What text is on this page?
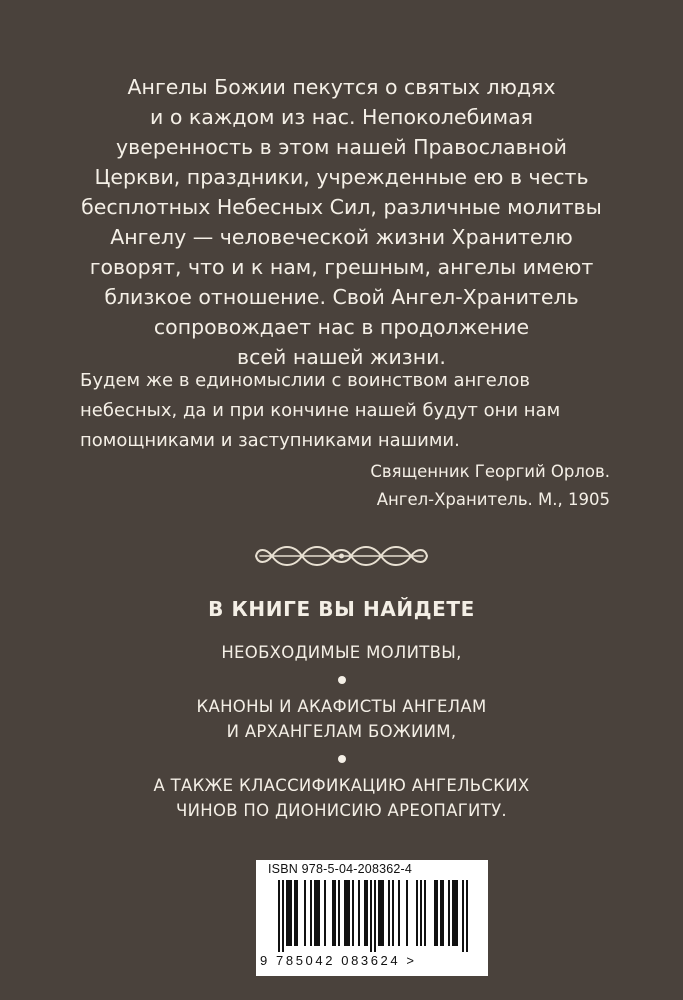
Ангелы Божии пекутся о святых людях
и о каждом из нас. Непоколебимая
уверенность в этом нашей Православной
Церкви, праздники, учрежденные ею в честь
бесплотных Небесных Сил, различные молитвы
Ангелу — человеческой жизни Хранителю
говорят, что и к нам, грешным, ангелы имеют
близкое отношение. Свой Ангел-Хранитель
сопровождает нас в продолжение
всей нашей жизни.

Будем же в единомыслии с воинством ангелов
небесных, да и при кончине нашей будут они нам
помощниками и заступниками нашими.

Священник Георгий Орлов.
Ангел-Хранитель. М., 1905
В КНИГЕ ВЫ НАЙДЕТЕ
НЕОБХОДИМЫЕ МОЛИТВЫ,
КАНОНЫ И АКАФИСТЫ АНГЕЛАМ
И АРХАНГЕЛАМ БОЖИИМ,
А ТАКЖЕ КЛАССИФИКАЦИЮ АНГЕЛЬСКИХ
ЧИНОВ ПО ДИОНИСИЮ АРЕОПАГИТУ.
ISBN 978-5-04-208362-4
9 785042 083624 >
